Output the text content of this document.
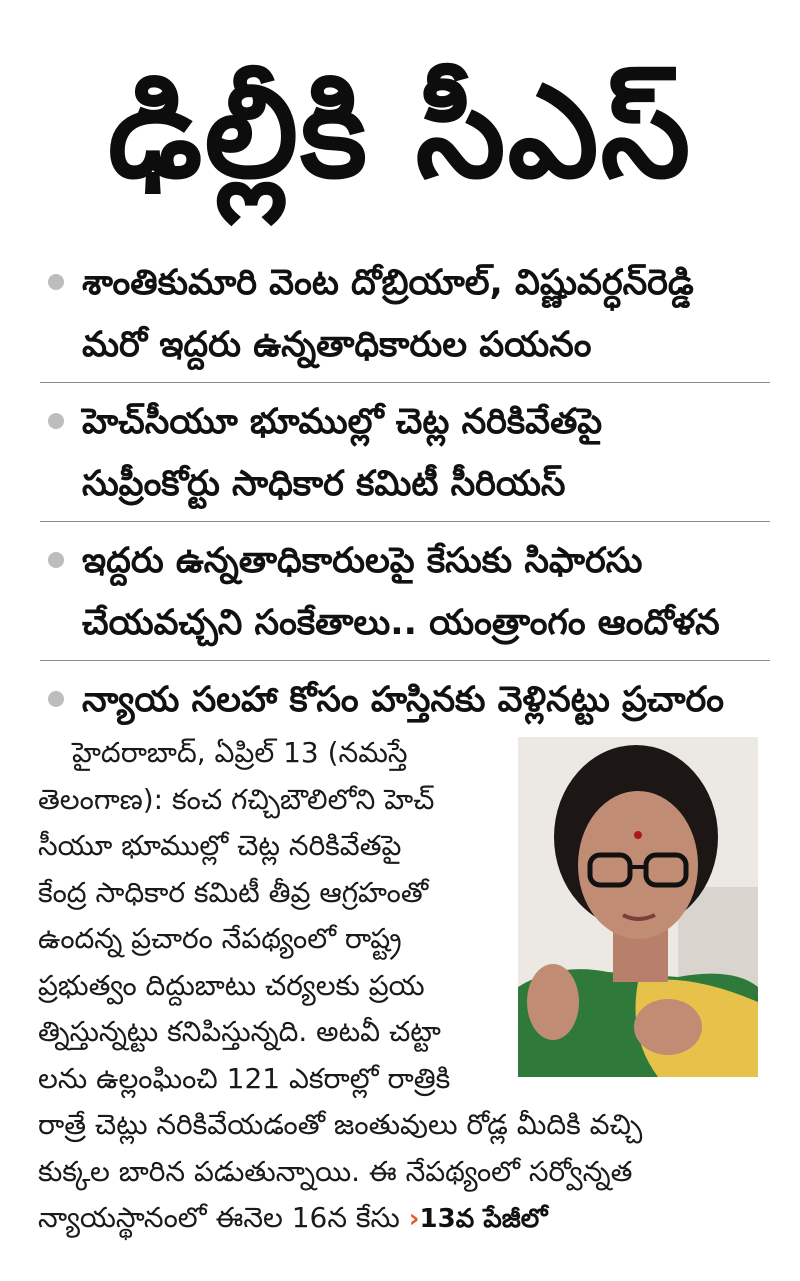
ఢిల్లీకి సీఎస్
శాంతికుమారి వెంట దోబ్రియాల్, విష్ణువర్ధన్‌రెడ్డి
మరో ఇద్దరు ఉన్నతాధికారుల పయనం
హెచ్‌సీయూ భూముల్లో చెట్ల నరికివేతపై
సుప్రీంకోర్టు సాధికార కమిటీ సీరియస్
ఇద్దరు ఉన్నతాధికారులపై కేసుకు సిఫారసు
చేయవచ్చని సంకేతాలు.. యంత్రాంగం ఆందోళన
న్యాయ సలహా కోసం హస్తినకు వెళ్లినట్టు ప్రచారం
హైదరాబాద్, ఏప్రిల్ 13 (నమస్తే
తెలంగాణ): కంచ గచ్చిబౌలిలోని హెచ్
సీయూ భూముల్లో చెట్ల నరికివేతపై
కేంద్ర సాధికార కమిటీ తీవ్ర ఆగ్రహంతో
ఉందన్న ప్రచారం నేపథ్యంలో రాష్ట్ర
ప్రభుత్వం దిద్దుబాటు చర్యలకు ప్రయ
త్నిస్తున్నట్టు కనిపిస్తున్నది. అటవీ చట్టా
లను ఉల్లంఘించి 121 ఎకరాల్లో రాత్రికి
రాత్రే చెట్లు నరికివేయడంతో జంతువులు రోడ్ల మీదికి వచ్చి
కుక్కల బారిన పడుతున్నాయి. ఈ నేపథ్యంలో సర్వోన్నత
న్యాయస్థానంలో ఈనెల 16న కేసు ›13వ పేజీలో
